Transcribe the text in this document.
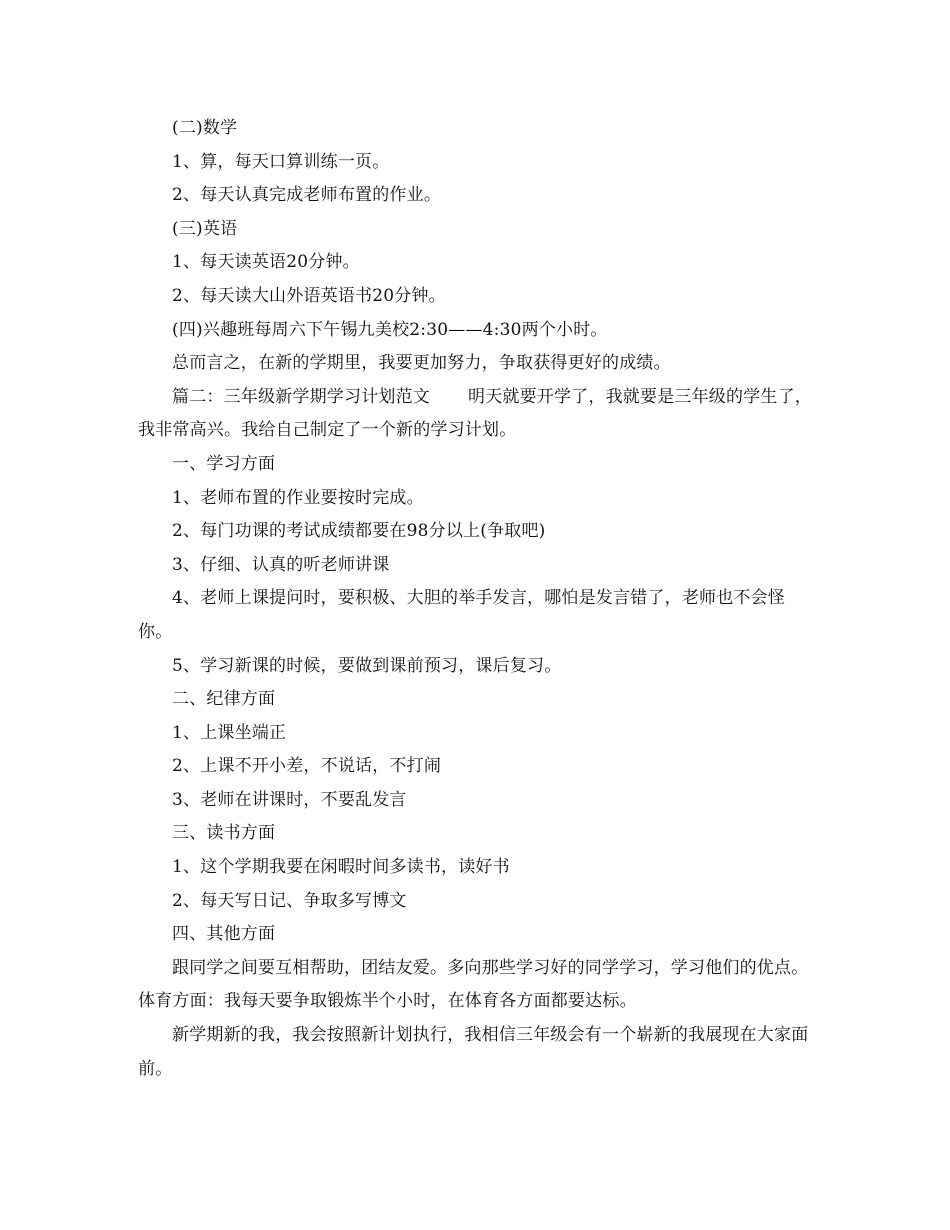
(二)数学

1、算，每天口算训练一页。

2、每天认真完成老师布置的作业。

(三)英语

1、每天读英语20分钟。

2、每天读大山外语英语书20分钟。

(四)兴趣班每周六下午锡九美校2:30——4:30两个小时。

总而言之，在新的学期里，我要更加努力，争取获得更好的成绩。

篇二：三年级新学期学习计划范文 明天就要开学了，我就要是三年级的学生了，我非常高兴。我给自己制定了一个新的学习计划。

一、学习方面

1、老师布置的作业要按时完成。

2、每门功课的考试成绩都要在98分以上(争取吧)

3、仔细、认真的听老师讲课

4、老师上课提问时，要积极、大胆的举手发言，哪怕是发言错了，老师也不会怪你。

5、学习新课的时候，要做到课前预习，课后复习。

二、纪律方面

1、上课坐端正

2、上课不开小差，不说话，不打闹

3、老师在讲课时，不要乱发言

三、读书方面

1、这个学期我要在闲暇时间多读书，读好书

2、每天写日记、争取多写博文

四、其他方面

跟同学之间要互相帮助，团结友爱。多向那些学习好的同学学习，学习他们的优点。体育方面：我每天要争取锻炼半个小时，在体育各方面都要达标。

新学期新的我，我会按照新计划执行，我相信三年级会有一个崭新的我展现在大家面前。
